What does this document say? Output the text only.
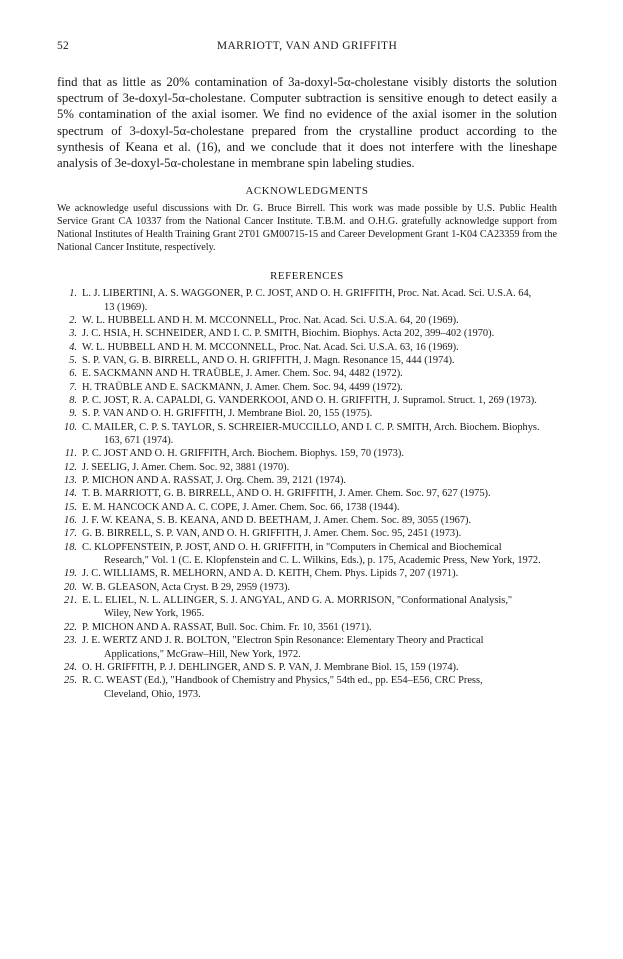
52	MARRIOTT, VAN AND GRIFFITH

find that as little as 20% contamination of 3a-doxyl-5α-cholestane visibly distorts the solution spectrum of 3e-doxyl-5α-cholestane. Computer subtraction is sensitive enough to detect easily a 5% contamination of the axial isomer. We find no evidence of the axial isomer in the solution spectrum of 3-doxyl-5α-cholestane prepared from the crystalline product according to the synthesis of Keana et al. (16), and we conclude that it does not interfere with the lineshape analysis of 3e-doxyl-5α-cholestane in membrane spin labeling studies.

ACKNOWLEDGMENTS
We acknowledge useful discussions with Dr. G. Bruce Birrell. This work was made possible by U.S. Public Health Service Grant CA 10337 from the National Cancer Institute. T.B.M. and O.H.G. gratefully acknowledge support from National Institutes of Health Training Grant 2T01 GM00715-15 and Career Development Grant 1-K04 CA23359 from the National Cancer Institute, respectively.
REFERENCES
1. L. J. LIBERTINI, A. S. WAGGONER, P. C. JOST, AND O. H. GRIFFITH, Proc. Nat. Acad. Sci. U.S.A. 64,
13 (1969).
2. W. L. HUBBELL AND H. M. MCCONNELL, Proc. Nat. Acad. Sci. U.S.A. 64, 20 (1969).
3. J. C. HSIA, H. SCHNEIDER, AND I. C. P. SMITH, Biochim. Biophys. Acta 202, 399–402 (1970).
4. W. L. HUBBELL AND H. M. MCCONNELL, Proc. Nat. Acad. Sci. U.S.A. 63, 16 (1969).
5. S. P. VAN, G. B. BIRRELL, AND O. H. GRIFFITH, J. Magn. Resonance 15, 444 (1974).
6. E. SACKMANN AND H. TRAÜBLE, J. Amer. Chem. Soc. 94, 4482 (1972).
7. H. TRAÜBLE AND E. SACKMANN, J. Amer. Chem. Soc. 94, 4499 (1972).
8. P. C. JOST, R. A. CAPALDI, G. VANDERKOOI, AND O. H. GRIFFITH, J. Supramol. Struct. 1, 269 (1973).
9. S. P. VAN AND O. H. GRIFFITH, J. Membrane Biol. 20, 155 (1975).
10. C. MAILER, C. P. S. TAYLOR, S. SCHREIER-MUCCILLO, AND I. C. P. SMITH, Arch. Biochem. Biophys.
163, 671 (1974).
11. P. C. JOST AND O. H. GRIFFITH, Arch. Biochem. Biophys. 159, 70 (1973).
12. J. SEELIG, J. Amer. Chem. Soc. 92, 3881 (1970).
13. P. MICHON AND A. RASSAT, J. Org. Chem. 39, 2121 (1974).
14. T. B. MARRIOTT, G. B. BIRRELL, AND O. H. GRIFFITH, J. Amer. Chem. Soc. 97, 627 (1975).
15. E. M. HANCOCK AND A. C. COPE, J. Amer. Chem. Soc. 66, 1738 (1944).
16. J. F. W. KEANA, S. B. KEANA, AND D. BEETHAM, J. Amer. Chem. Soc. 89, 3055 (1967).
17. G. B. BIRRELL, S. P. VAN, AND O. H. GRIFFITH, J. Amer. Chem. Soc. 95, 2451 (1973).
18. C. KLOPFENSTEIN, P. JOST, AND O. H. GRIFFITH, in "Computers in Chemical and Biochemical
Research," Vol. 1 (C. E. Klopfenstein and C. L. Wilkins, Eds.), p. 175, Academic Press, New York, 1972.
19. J. C. WILLIAMS, R. MELHORN, AND A. D. KEITH, Chem. Phys. Lipids 7, 207 (1971).
20. W. B. GLEASON, Acta Cryst. B 29, 2959 (1973).
21. E. L. ELIEL, N. L. ALLINGER, S. J. ANGYAL, AND G. A. MORRISON, "Conformational Analysis,"
Wiley, New York, 1965.
22. P. MICHON AND A. RASSAT, Bull. Soc. Chim. Fr. 10, 3561 (1971).
23. J. E. WERTZ AND J. R. BOLTON, "Electron Spin Resonance: Elementary Theory and Practical
Applications," McGraw–Hill, New York, 1972.
24. O. H. GRIFFITH, P. J. DEHLINGER, AND S. P. VAN, J. Membrane Biol. 15, 159 (1974).
25. R. C. WEAST (Ed.), "Handbook of Chemistry and Physics," 54th ed., pp. E54–E56, CRC Press,
Cleveland, Ohio, 1973.
